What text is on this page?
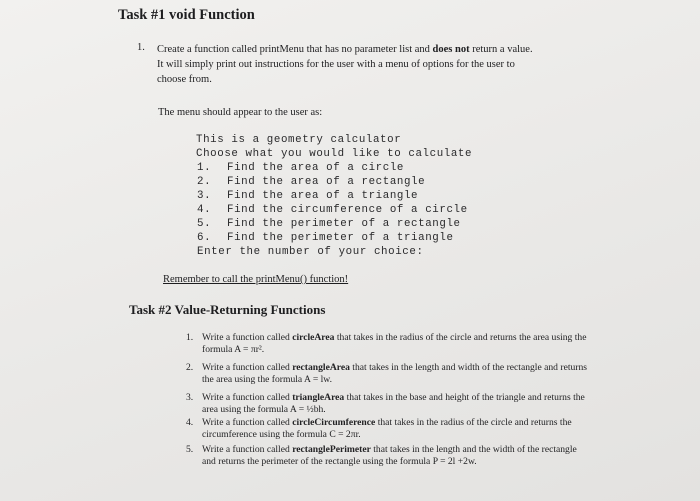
Task #1 void Function
1. Create a function called printMenu that has no parameter list and does not return a value.
It will simply print out instructions for the user with a menu of options for the user to
choose from.
The menu should appear to the user as:
This is a geometry calculator
Choose what you would like to calculate
1. Find the area of a circle
2. Find the area of a rectangle
3. Find the area of a triangle
4. Find the circumference of a circle
5. Find the perimeter of a rectangle
6. Find the perimeter of a triangle
Enter the number of your choice:
Remember to call the printMenu() function!
Task #2 Value-Returning Functions
1. Write a function called circleArea that takes in the radius of the circle and returns the area using the formula A = πr².
2. Write a function called rectangleArea that takes in the length and width of the rectangle and returns the area using the formula A = lw.
3. Write a function called triangleArea that takes in the base and height of the triangle and returns the area using the formula A = ½bh.
4. Write a function called circleCircumference that takes in the radius of the circle and returns the circumference using the formula C = 2πr.
5. Write a function called rectanglePerimeter that takes in the length and the width of the rectangle and returns the perimeter of the rectangle using the formula P = 2l +2w.
